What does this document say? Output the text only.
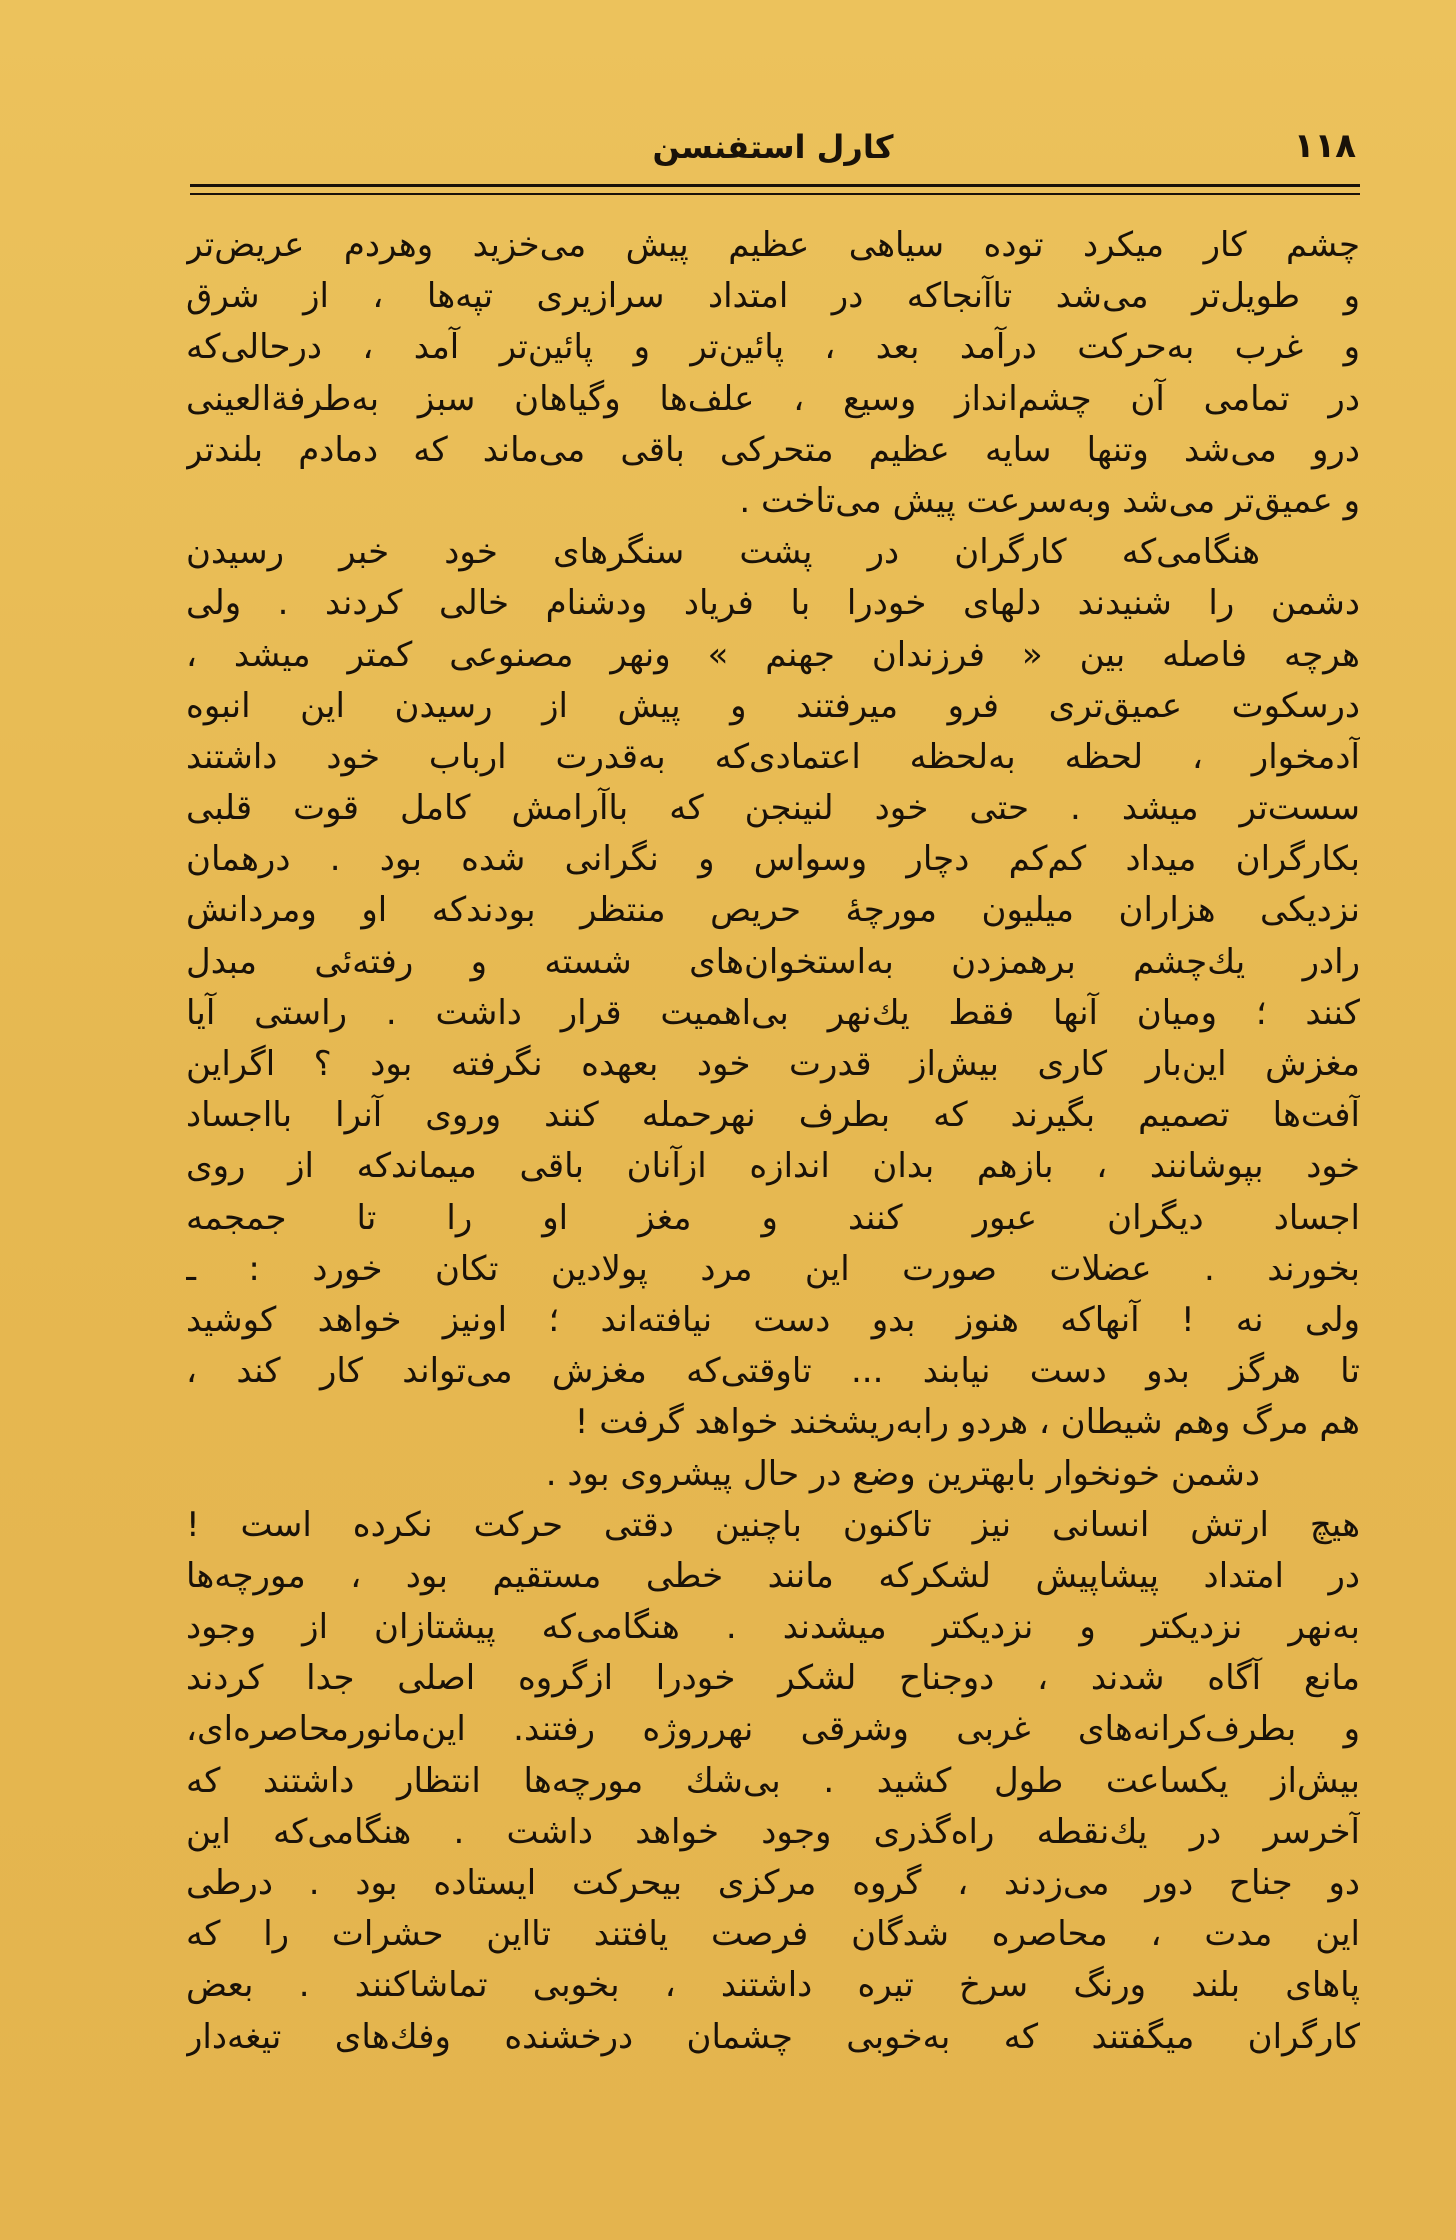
۱۱۸
کارل استفنسن
چشم کار میکرد توده سیاهی عظیم پیش می‌خزید وهردم عریض‌تر
و طویل‌تر می‌شد تاآنجاکه در امتداد سرازیری تپه‌ها ، از شرق
و غرب به‌حرکت درآمد بعد ، پائین‌تر و پائین‌تر آمد ، درحالی‌که
در تمامی آن چشم‌انداز وسیع ، علف‌ها وگیاهان سبز به‌طرفةالعینی
درو می‌شد وتنها سایه عظیم متحرکی باقی می‌ماند که دمادم بلندتر
و عمیق‌تر می‌شد وبه‌سرعت پیش می‌تاخت .
هنگامی‌که کارگران در پشت سنگرهای خود خبر رسیدن
دشمن را شنیدند دلهای خودرا با فریاد ودشنام خالی کردند . ولی
هرچه فاصله بین « فرزندان جهنم » ونهر مصنوعی کمتر میشد ،
درسکوت عمیق‌تری فرو میرفتند و پیش از رسیدن این انبوه
آدمخوار ، لحظه به‌لحظه اعتمادی‌که به‌قدرت ارباب خود داشتند
سست‌تر میشد . حتی خود لنینجن که باآرامش کامل قوت قلبی
بکارگران میداد کم‌کم دچار وسواس و نگرانی شده بود . درهمان
نزدیکی هزاران میلیون مورچهٔ حریص منتظر بودندکه او ومردانش
رادر یك‌چشم برهمزدن به‌استخوان‌های شسته و رفته‌ئی مبدل
کنند ؛ ومیان آنها فقط یك‌نهر بی‌اهمیت قرار داشت . راستی آیا
مغزش این‌بار کاری بیش‌از قدرت خود بعهده نگرفته بود ؟ اگراین
آفت‌ها تصمیم بگیرند که بطرف نهرحمله کنند وروی آنرا بااجساد
خود بپوشانند ، بازهم بدان اندازه ازآنان باقی میماندکه از روی
اجساد دیگران عبور کنند و مغز او را تا جمجمه
بخورند . عضلات صورت این مرد پولادین تکان خورد : ـ
ولی نه ! آنهاکه هنوز بدو دست نیافته‌اند ؛ اونیز خواهد کوشید
تا هرگز بدو دست نیابند ... تاوقتی‌که مغزش می‌تواند کار کند ،
هم مرگ وهم شیطان ، هردو رابه‌ریشخند خواهد گرفت !
دشمن خونخوار بابهترین وضع در حال پیشروی بود .
هیچ ارتش انسانی نیز تاکنون باچنین دقتی حرکت نکرده است !
در امتداد پیشاپیش لشکرکه مانند خطی مستقیم بود ، مورچه‌ها
به‌نهر نزدیکتر و نزدیکتر میشدند . هنگامی‌که پیشتازان از وجود
مانع آگاه شدند ، دوجناح لشکر خودرا ازگروه اصلی جدا کردند
و بطرف‌کرانه‌های غربی وشرقی نهرروژه رفتند. این‌مانورمحاصره‌ای،
بیش‌از یکساعت طول کشید . بی‌شك مورچه‌ها انتظار داشتند که
آخرسر در یك‌نقطه راه‌گذری وجود خواهد داشت . هنگامی‌که این
دو جناح دور می‌زدند ، گروه مرکزی بیحرکت ایستاده بود . درطی
این مدت ، محاصره شدگان فرصت یافتند تااین حشرات را که
پاهای بلند ورنگ سرخ تیره داشتند ، بخوبی تماشاکنند . بعض
کارگران میگفتند که به‌خوبی چشمان درخشنده وفك‌های تیغه‌دار
